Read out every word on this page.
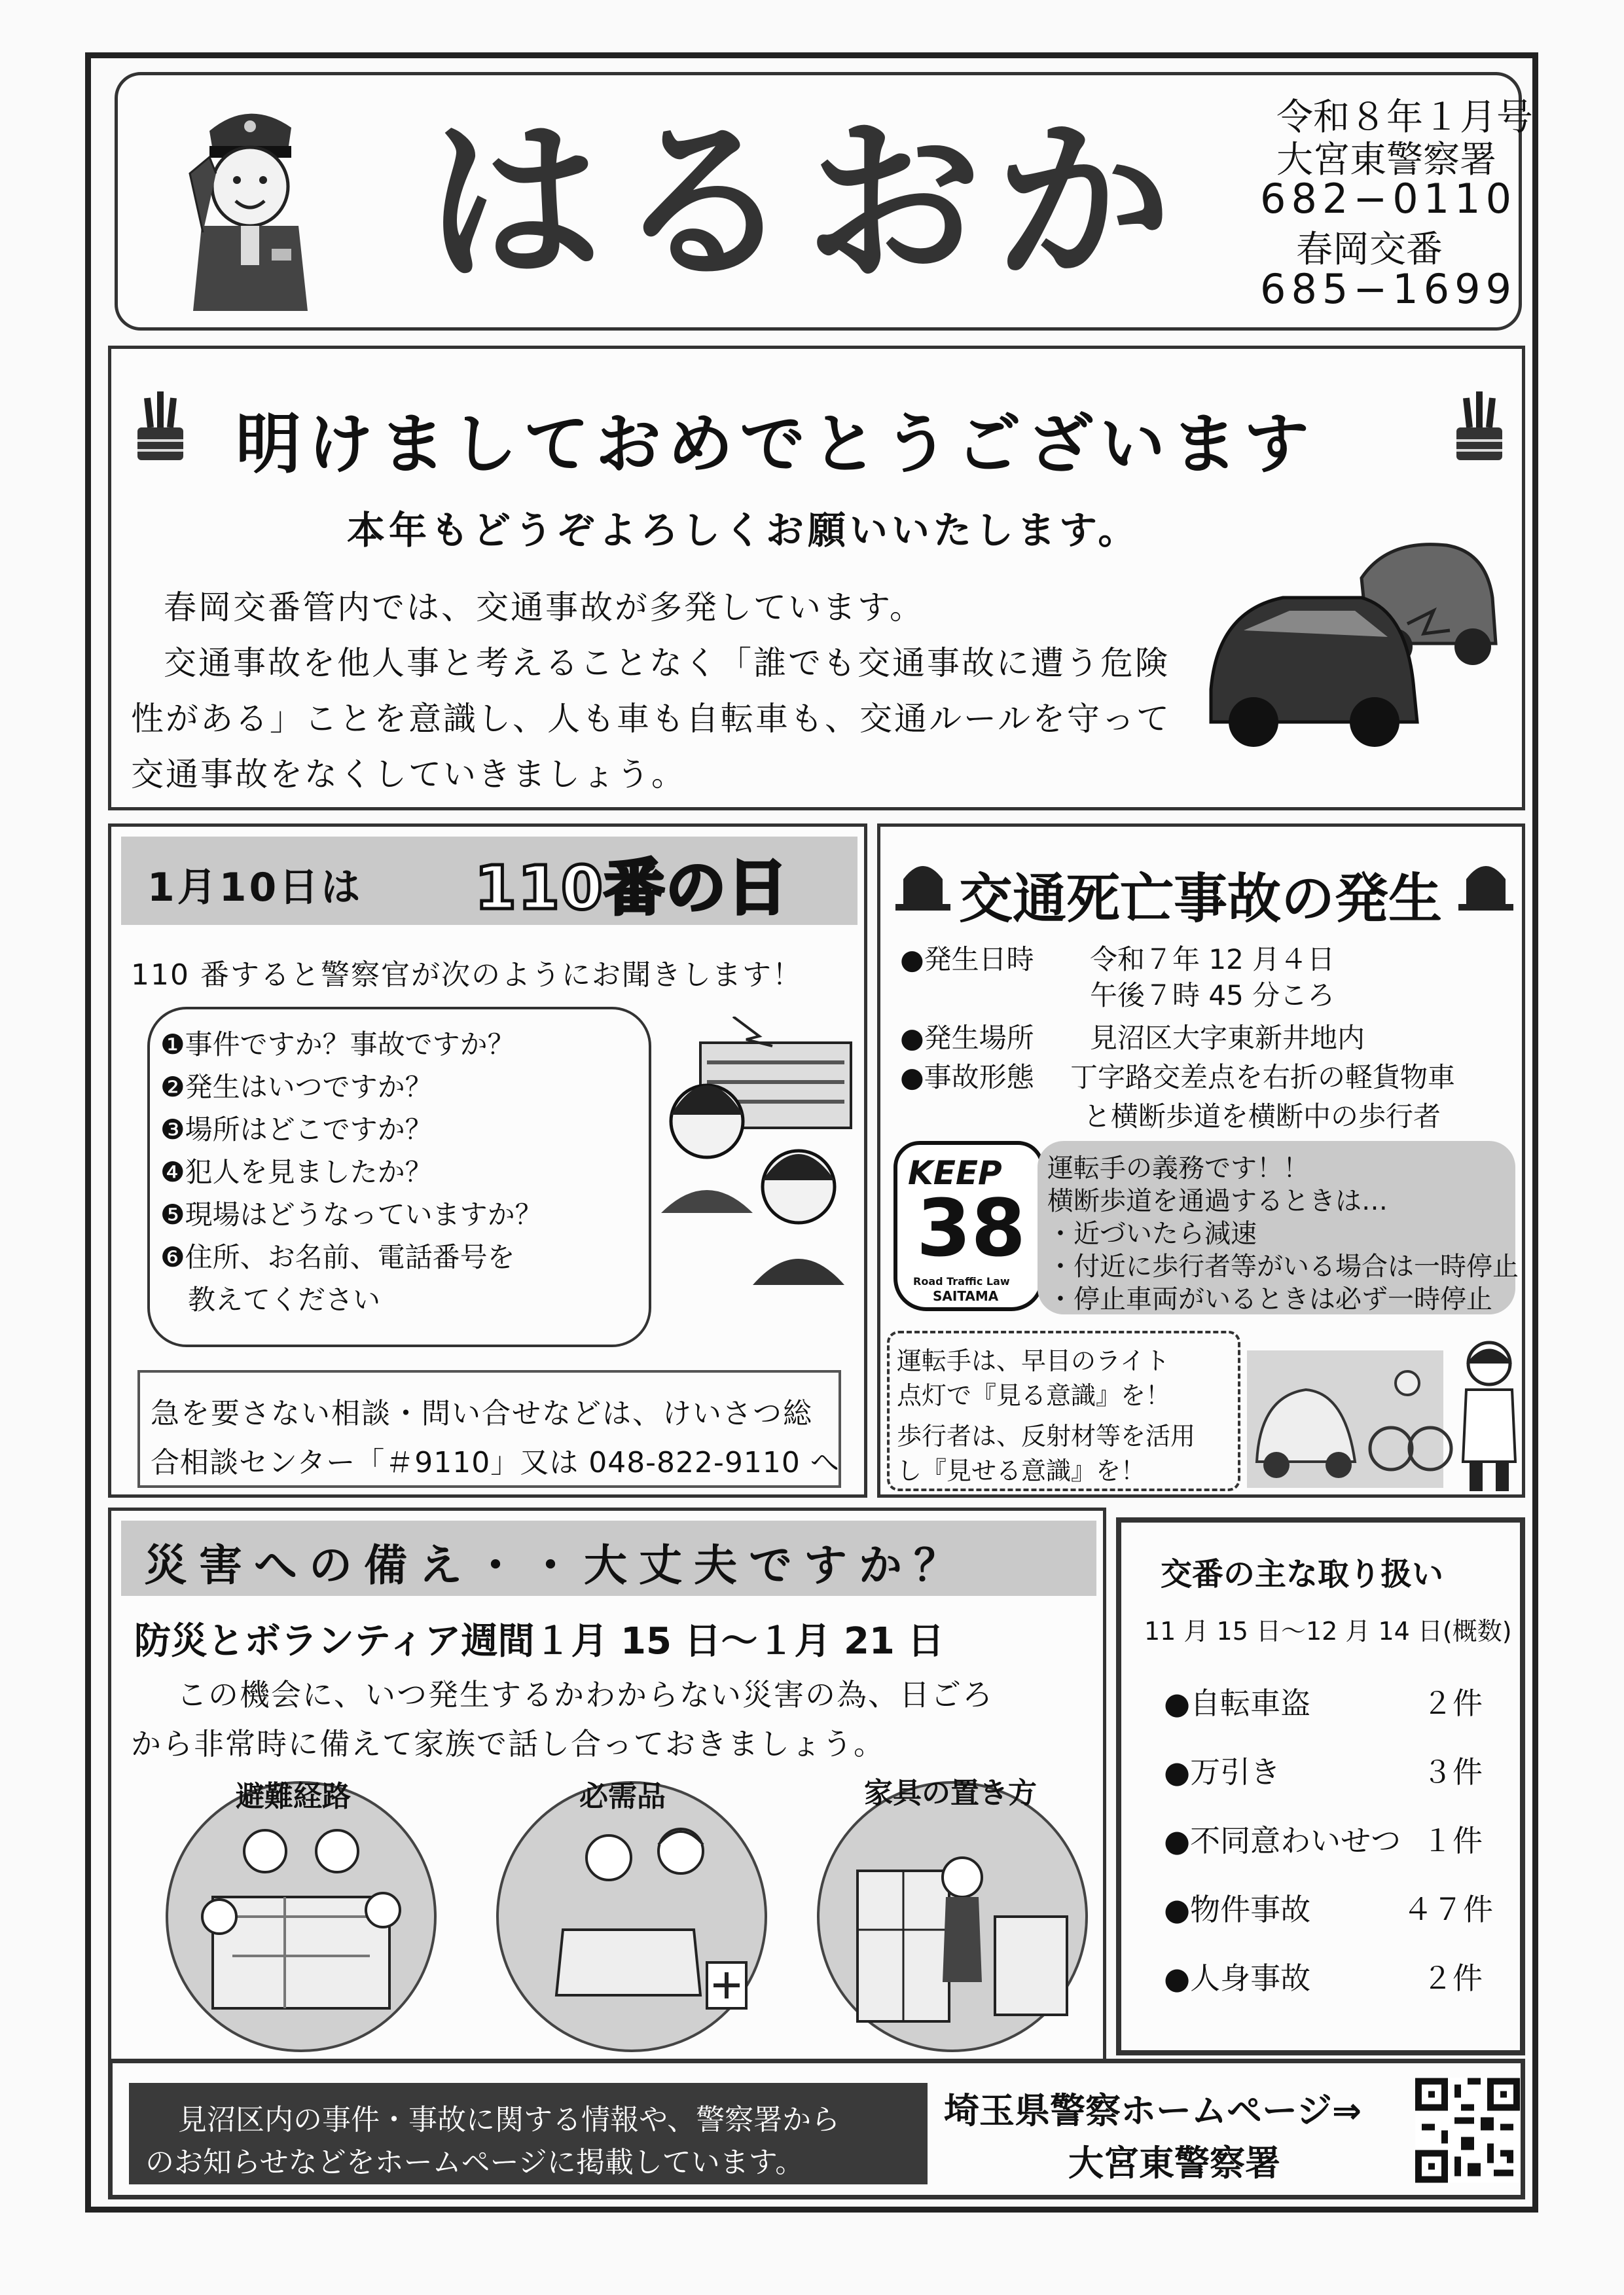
はるおか	令和８年１月号
大宮東警察署
682−0110
春岡交番
685−1699
明けましておめでとうございます
本年もどうぞよろしくお願いいたします。
春岡交番管内では、交通事故が多発しています。
交通事故を他人事と考えることなく「誰でも交通事故に遭う危険
性がある」ことを意識し、人も車も自転車も、交通ルールを守って
交通事故をなくしていきましょう。
1月10日は 110番の日
110 番すると警察官が次のようにお聞きします！
❶事件ですか？事故ですか？
❷発生はいつですか？
❸場所はどこですか？
❹犯人を見ましたか？
❺現場はどうなっていますか？
❻住所、お名前、電話番号を
　教えてください
急を要さない相談・問い合せなどは、けいさつ総
合相談センター「＃9110」又は 048-822-9110 へ
交通死亡事故の発生
●発生日時 令和７年 12 月４日
午後７時 45 分ころ
●発生場所 見沼区大字東新井地内
●事故形態 丁字路交差点を右折の軽貨物車
と横断歩道を横断中の歩行者
KEEP
38
Road Traffic Law
SAITAMA
運転手の義務です！！
横断歩道を通過するときは…
・近づいたら減速
・付近に歩行者等がいる場合は一時停止
・停止車両がいるときは必ず一時停止
運転手は、早目のライト
点灯で『見る意識』を！
歩行者は、反射材等を活用
し『見せる意識』を！
災害への備え・・大丈夫ですか？
防災とボランティア週間１月 15 日～１月 21 日
この機会に、いつ発生するかわからない災害の為、日ごろ
から非常時に備えて家族で話し合っておきましょう。
避難経路	必需品	家具の置き方
交番の主な取り扱い
11 月 15 日～12 月 14 日(概数)
●自転車盗	２件
●万引き	３件
●不同意わいせつ １件
●物件事故	４７件
●人身事故	２件
見沼区内の事件・事故に関する情報や、警察署から
のお知らせなどをホームページに掲載しています。
埼玉県警察ホームページ⇒
大宮東警察署
